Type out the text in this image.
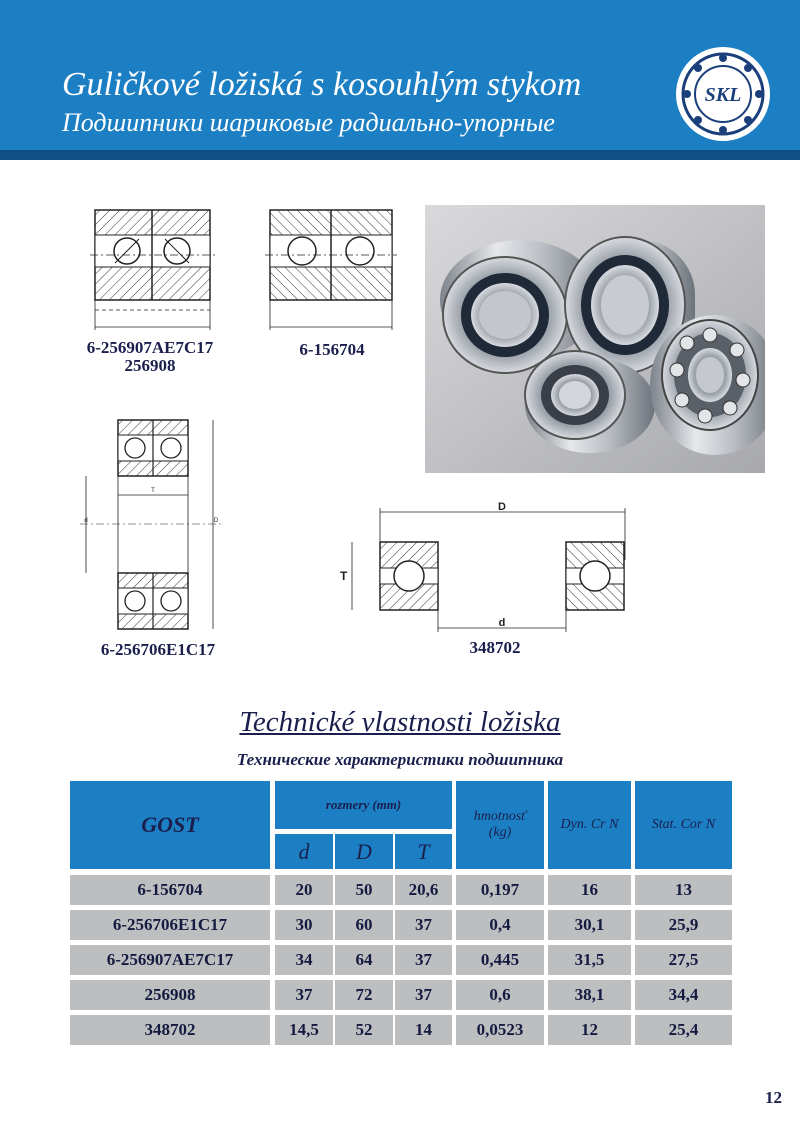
Guličkové ložiská s kosouhlým stykom
Подшипники шариковые радиально-упорные
SKL
6-256907AE7C17
256908
6-156704
T
d	D
6-256706E1C17
D
T
d
348702
Technické vlastnosti ložiska
Технические характеристики подшипника
GOST
rozmery (mm)
d	D	T
hmotnosť (kg)
Dyn. Cr N	Stat. Cor N
6-156704	20	50	20,6	0,197	16	13
6-256706E1C17	30	60	37	0,4	30,1	25,9
6-256907AE7C17	34	64	37	0,445	31,5	27,5
256908	37	72	37	0,6	38,1	34,4
348702	14,5	52	14	0,0523	12	25,4
12
